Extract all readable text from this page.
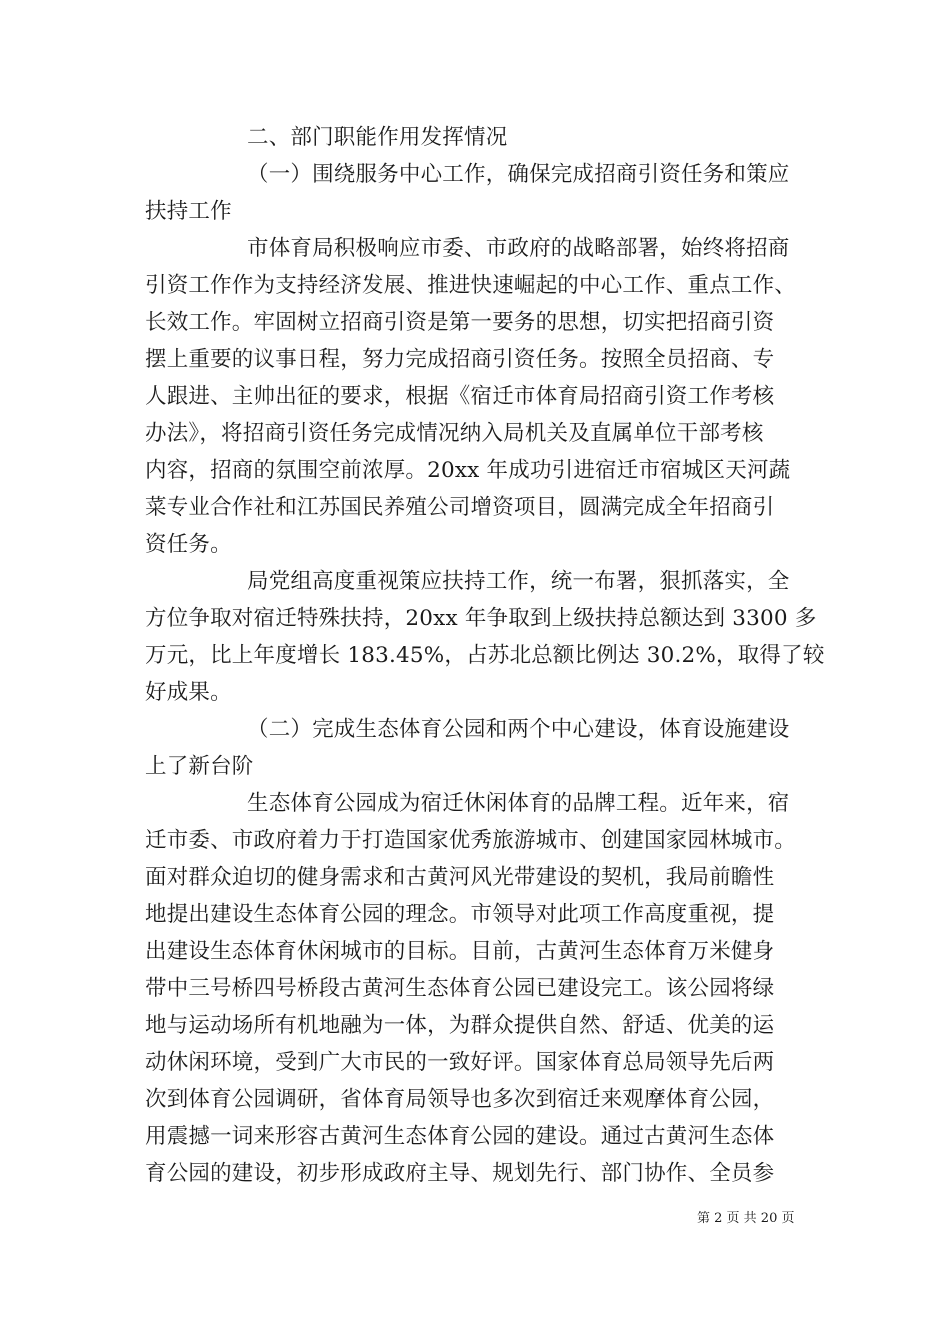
二、部门职能作用发挥情况
（一）围绕服务中心工作，确保完成招商引资任务和策应
扶持工作
市体育局积极响应市委、市政府的战略部署，始终将招商
引资工作作为支持经济发展、推进快速崛起的中心工作、重点工作、
长效工作。牢固树立招商引资是第一要务的思想，切实把招商引资
摆上重要的议事日程，努力完成招商引资任务。按照全员招商、专
人跟进、主帅出征的要求，根据《宿迁市体育局招商引资工作考核
办法》，将招商引资任务完成情况纳入局机关及直属单位干部考核
内容，招商的氛围空前浓厚。20xx 年成功引进宿迁市宿城区天河蔬
菜专业合作社和江苏国民养殖公司增资项目，圆满完成全年招商引
资任务。
局党组高度重视策应扶持工作，统一布署，狠抓落实，全
方位争取对宿迁特殊扶持，20xx 年争取到上级扶持总额达到 3300 多
万元，比上年度增长 183.45%，占苏北总额比例达 30.2%，取得了较
好成果。
（二）完成生态体育公园和两个中心建设，体育设施建设
上了新台阶
生态体育公园成为宿迁休闲体育的品牌工程。近年来，宿
迁市委、市政府着力于打造国家优秀旅游城市、创建国家园林城市。
面对群众迫切的健身需求和古黄河风光带建设的契机，我局前瞻性
地提出建设生态体育公园的理念。市领导对此项工作高度重视，提
出建设生态体育休闲城市的目标。目前，古黄河生态体育万米健身
带中三号桥四号桥段古黄河生态体育公园已建设完工。该公园将绿
地与运动场所有机地融为一体，为群众提供自然、舒适、优美的运
动休闲环境，受到广大市民的一致好评。国家体育总局领导先后两
次到体育公园调研，省体育局领导也多次到宿迁来观摩体育公园，
用震撼一词来形容古黄河生态体育公园的建设。通过古黄河生态体
育公园的建设，初步形成政府主导、规划先行、部门协作、全员参
第 2 页 共 20 页
